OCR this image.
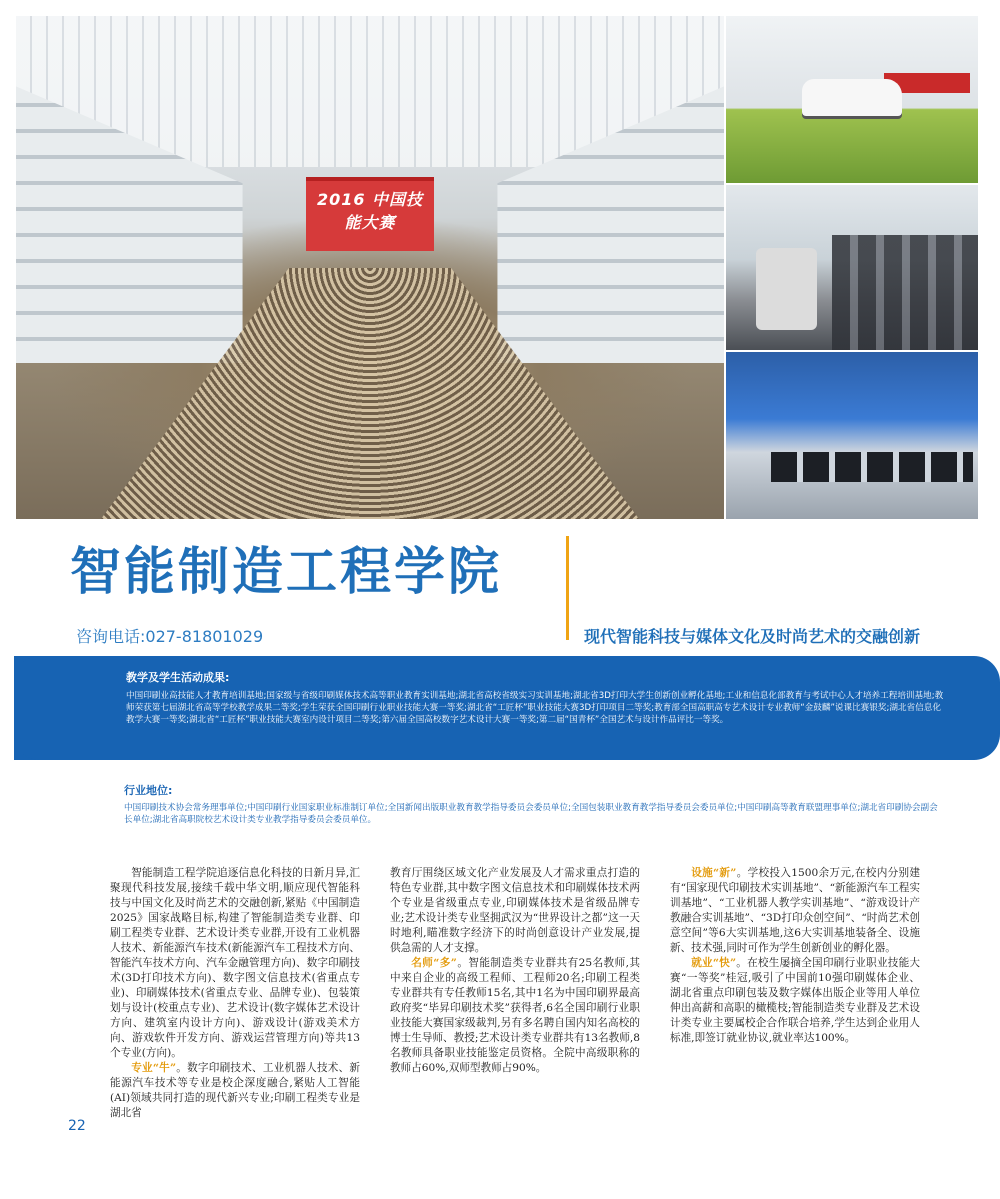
2016 中国技能大赛
智能制造工程学院
咨询电话:027-81801029	现代智能科技与媒体文化及时尚艺术的交融创新
教学及学生活动成果:
中国印刷业高技能人才教育培训基地;国家级与省级印刷媒体技术高等职业教育实训基地;湖北省高校省级实习实训基地;湖北省3D打印大学生创新创业孵化基地;工业和信息化部教育与考试中心人才培养工程培训基地;教师荣获第七届湖北省高等学校教学成果二等奖;学生荣获全国印刷行业职业技能大赛一等奖;湖北省“工匠杯”职业技能大赛3D打印项目二等奖;教育部全国高职高专艺术设计专业教师“金鼓麟”说课比赛银奖;湖北省信息化教学大赛一等奖;湖北省“工匠杯”职业技能大赛室内设计项目二等奖;第六届全国高校数字艺术设计大赛一等奖;第二届“国青杯”全国艺术与设计作品评比一等奖。
行业地位:
中国印刷技术协会常务理事单位;中国印刷行业国家职业标准制订单位;全国新闻出版职业教育教学指导委员会委员单位;全国包装职业教育教学指导委员会委员单位;中国印刷高等教育联盟理事单位;湖北省印刷协会副会长单位;湖北省高职院校艺术设计类专业教学指导委员会委员单位。

智能制造工程学院追逐信息化科技的日新月异,汇聚现代科技发展,接续千载中华文明,顺应现代智能科技与中国文化及时尚艺术的交融创新,紧贴《中国制造2025》国家战略目标,构建了智能制造类专业群、印刷工程类专业群、艺术设计类专业群,开设有工业机器人技术、新能源汽车技术(新能源汽车工程技术方向、智能汽车技术方向、汽车金融管理方向)、数字印刷技术(3D打印技术方向)、数字图文信息技术(省重点专业)、印刷媒体技术(省重点专业、品牌专业)、包装策划与设计(校重点专业)、艺术设计(数字媒体艺术设计方向、建筑室内设计方向)、游戏设计(游戏美术方向、游戏软件开发方向、游戏运营管理方向)等共13个专业(方向)。

专业“牛”。数字印刷技术、工业机器人技术、新能源汽车技术等专业是校企深度融合,紧贴人工智能(AI)领域共同打造的现代新兴专业;印刷工程类专业是湖北省

教育厅围绕区域文化产业发展及人才需求重点打造的特色专业群,其中数字图文信息技术和印刷媒体技术两个专业是省级重点专业,印刷媒体技术是省级品牌专业;艺术设计类专业坚拥武汉为“世界设计之都”这一天时地利,瞄准数字经济下的时尚创意设计产业发展,提供急需的人才支撑。

名师“多”。智能制造类专业群共有25名教师,其中来自企业的高级工程师、工程师20名;印刷工程类专业群共有专任教师15名,其中1名为中国印刷界最高政府奖“毕昇印刷技术奖”获得者,6名全国印刷行业职业技能大赛国家级裁判,另有多名聘自国内知名高校的博士生导师、教授;艺术设计类专业群共有13名教师,8名教师具备职业技能鉴定员资格。全院中高级职称的教师占60%,双师型教师占90%。

设施“新”。学校投入1500余万元,在校内分别建有“国家现代印刷技术实训基地”、“新能源汽车工程实训基地”、“工业机器人教学实训基地”、“游戏设计产教融合实训基地”、“3D打印众创空间”、“时尚艺术创意空间”等6大实训基地,这6大实训基地装备全、设施新、技术强,同时可作为学生创新创业的孵化器。

就业“快”。在校生屡摘全国印刷行业职业技能大赛“一等奖”桂冠,吸引了中国前10强印刷媒体企业、湖北省重点印刷包装及数字媒体出版企业等用人单位伸出高薪和高职的橄榄枝;智能制造类专业群及艺术设计类专业主要属校企合作联合培养,学生达到企业用人标准,即签订就业协议,就业率达100%。

22
